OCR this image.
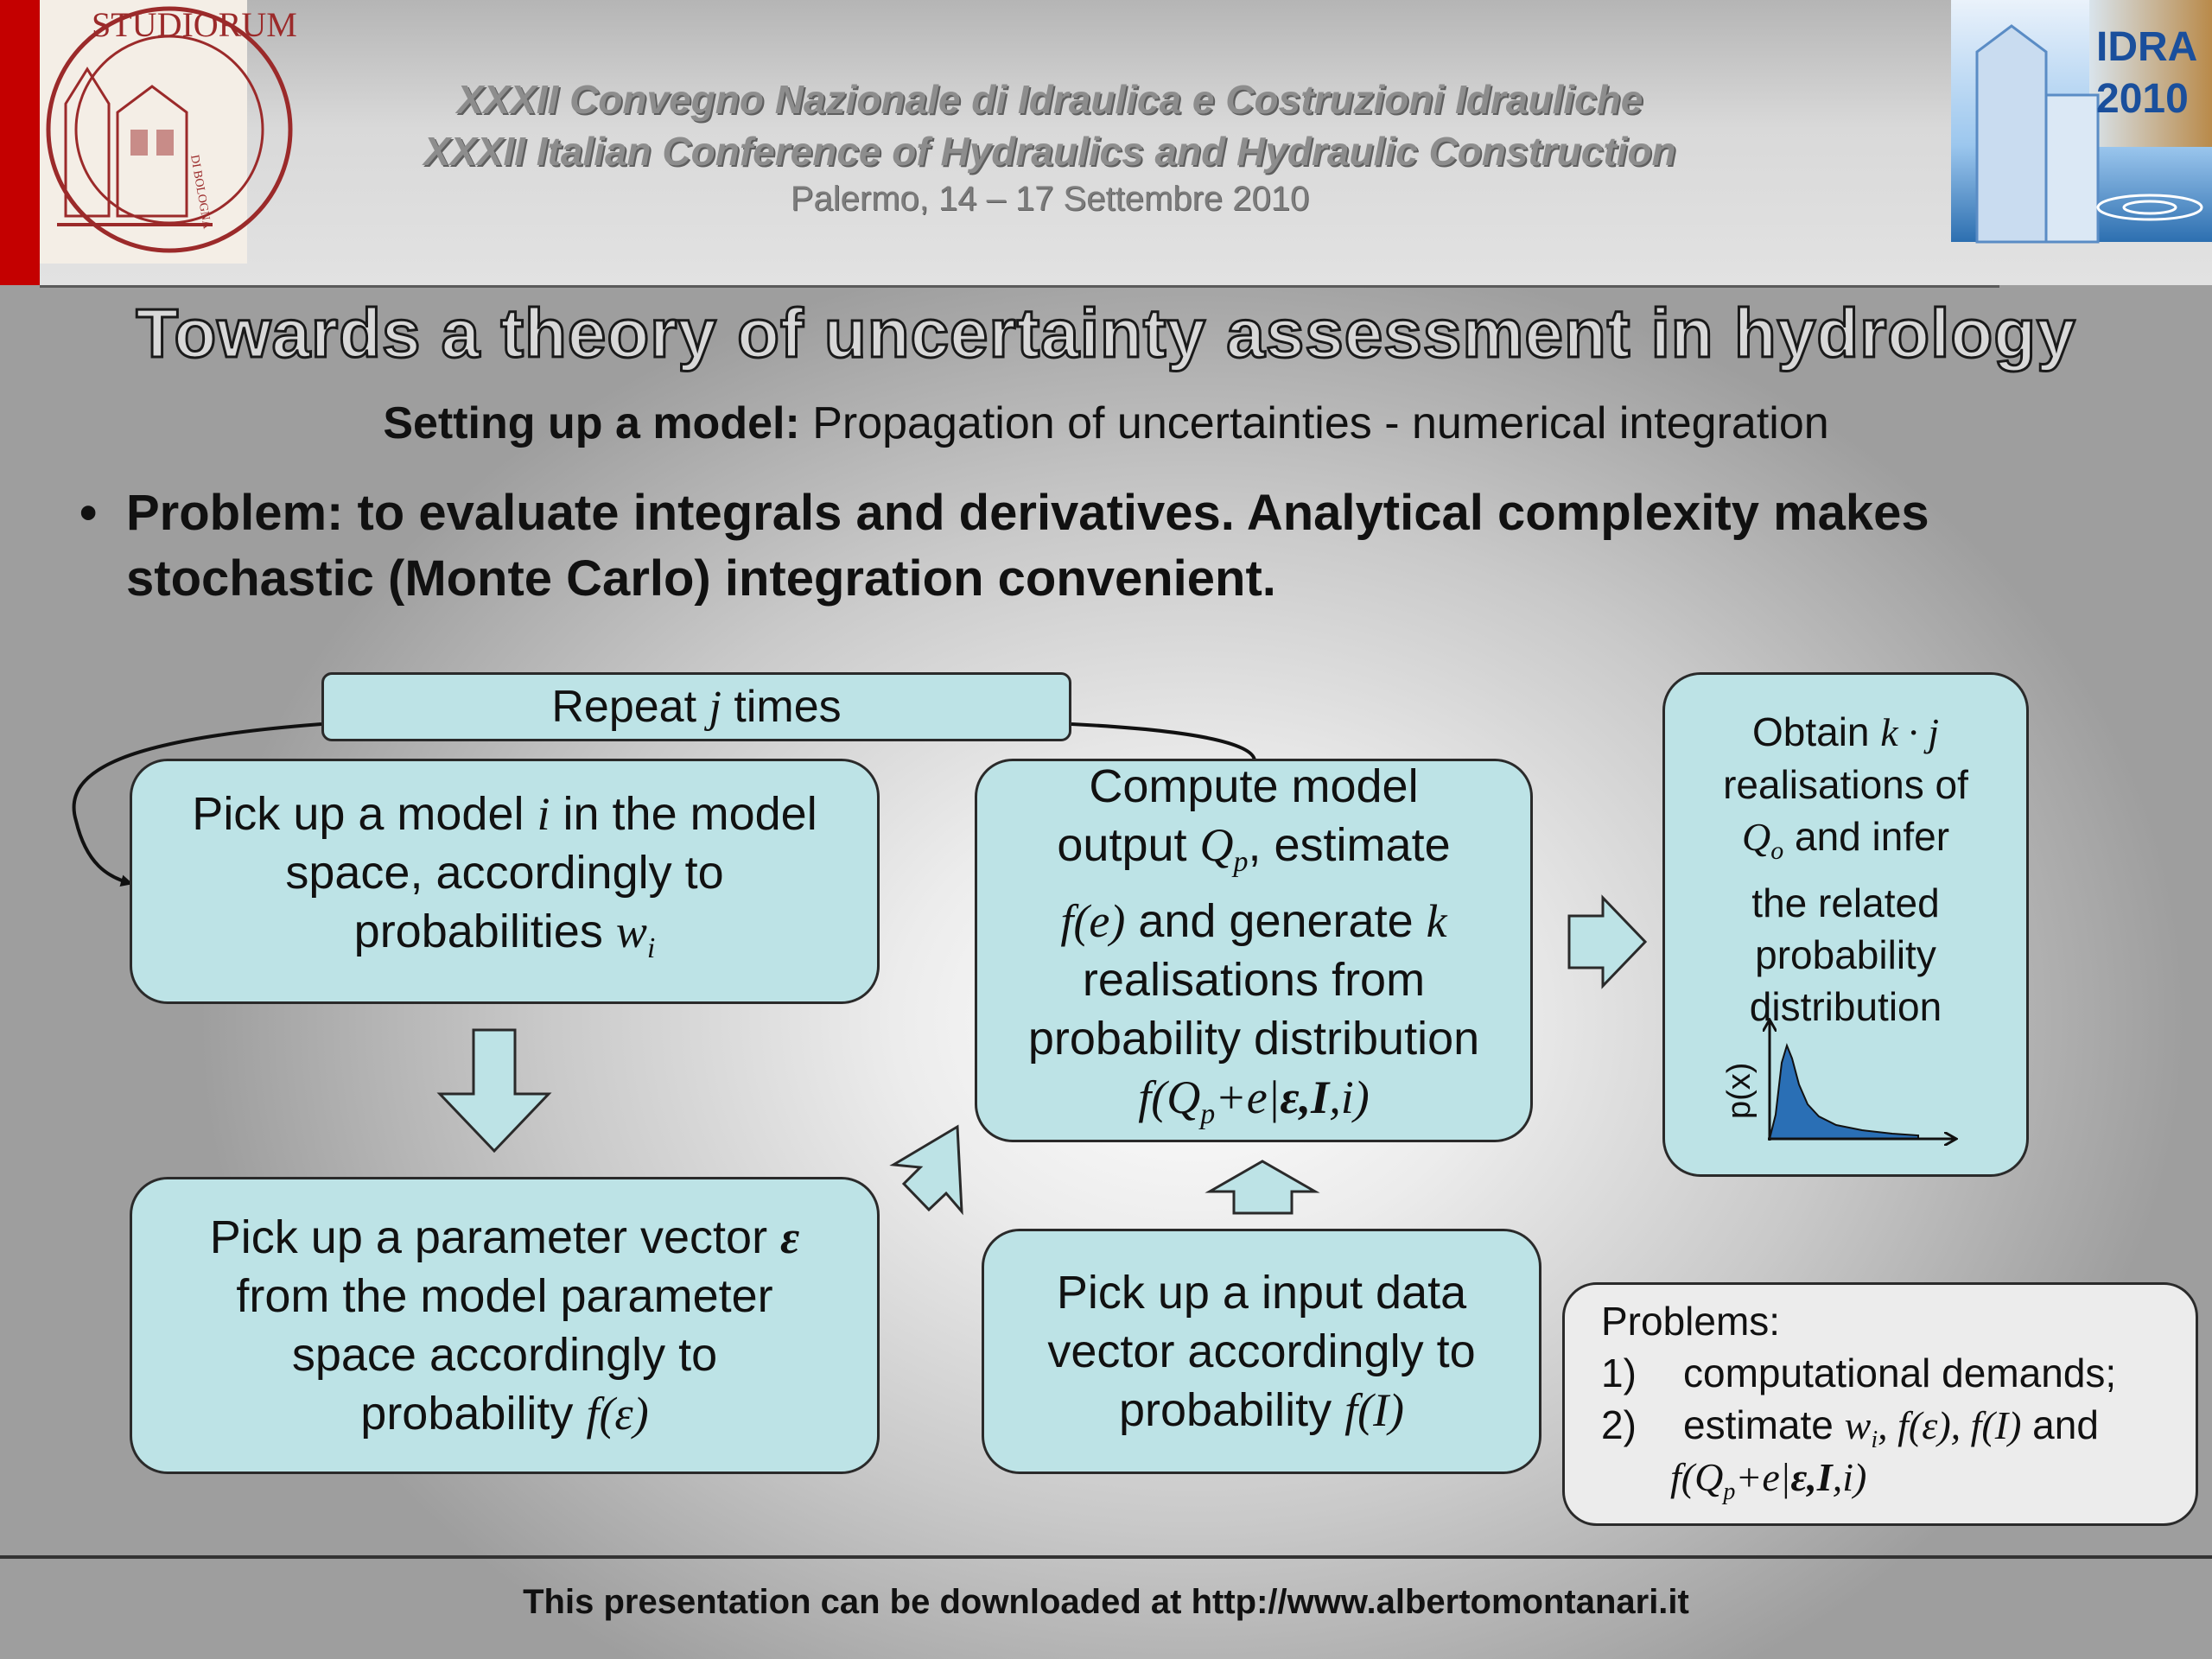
STUDIORUM
DI BOLOGNA
IDRA
2010
XXXII Convegno Nazionale di Idraulica e Costruzioni Idrauliche
XXXII Italian Conference of Hydraulics and Hydraulic Construction
Palermo, 14 – 17 Settembre 2010
Towards a theory of uncertainty assessment in hydrology
Setting up a model: Propagation of uncertainties - numerical integration
• Problem: to evaluate integrals and derivatives. Analytical complexity makes stochastic (Monte Carlo) integration convenient.
Repeat j times
Pick up a model i in the model
space, accordingly to
probabilities $w_i$
Pick up a parameter vector ε
from the model parameter
space accordingly to
probability f(ε)
Compute model
output $Q_p$, estimate
f(e) and generate k
realisations from
probability distribution
$f(Q_p+e|\varepsilon,I,i)$
Pick up a input data
vector accordingly to
probability f(I)
Obtain k · j
realisations of
$Q_o$ and infer
the related
probability
distribution
p(x)
Problems:
1) computational demands;
2) estimate $w_i$, f(ε), f(I) and
$f(Q_p+e|\varepsilon,I,i)$
This presentation can be downloaded at http://www.albertomontanari.it
